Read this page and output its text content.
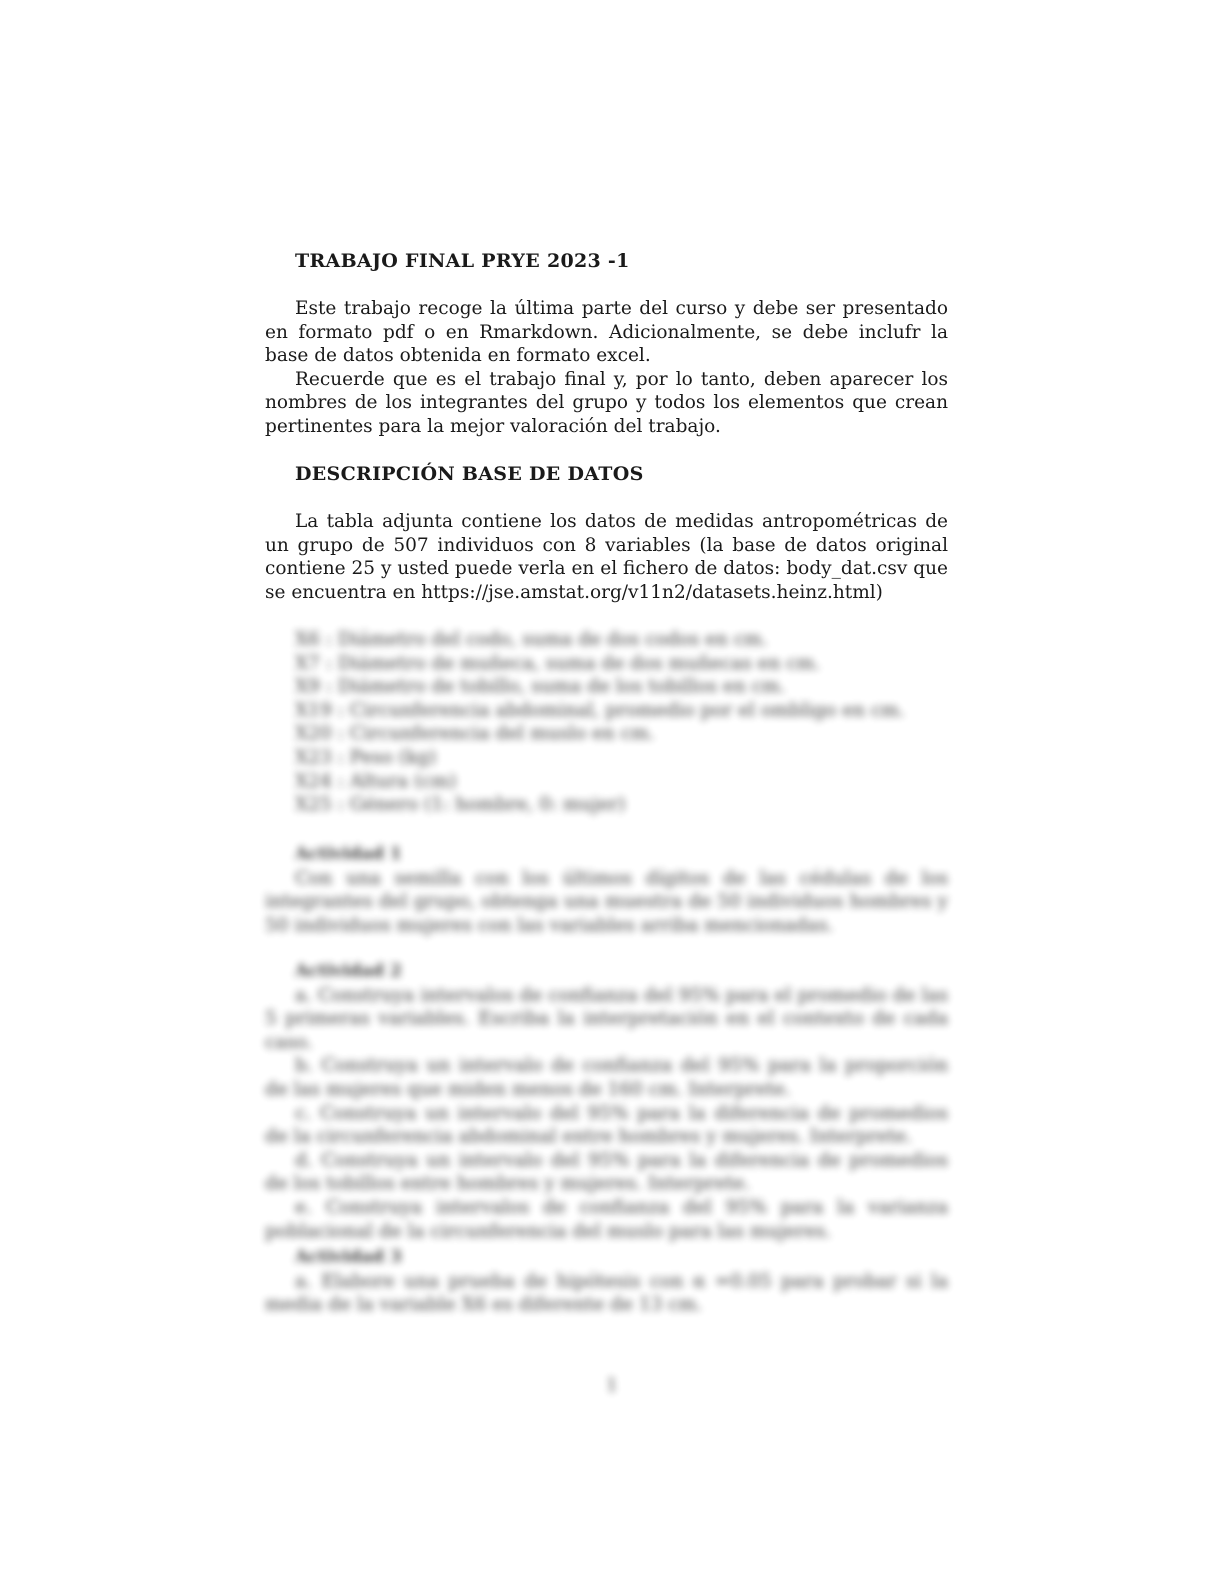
TRABAJO FINAL PRYE 2023 -1

Este trabajo recoge la última parte del curso y debe ser presentado en formato pdf o en Rmarkdown. Adicionalmente, se debe inclufr la base de datos obtenida en formato excel.

Recuerde que es el trabajo final y, por lo tanto, deben aparecer los nombres de los integrantes del grupo y todos los elementos que crean pertinentes para la mejor valoración del trabajo.

DESCRIPCIÓN BASE DE DATOS

La tabla adjunta contiene los datos de medidas antropométricas de un grupo de 507 individuos con 8 variables (la base de datos original contiene 25 y usted puede verla en el fichero de datos: body_dat.csv que se encuentra en https://jse.amstat.org/v11n2/datasets.heinz.html)

X6 : Diámetro del codo, suma de dos codos en cm.
X7 : Diámetro de muñeca, suma de dos muñecas en cm.
X9 : Diámetro de tobillo, suma de los tobillos en cm.
X19 : Circunferencia abdominal, promedio por el ombligo en cm.
X20 : Circunferencia del muslo en cm.
X23 : Peso (kg)
X24 : Altura (cm)
X25 : Género (1: hombre, 0: mujer)
Actividad 1

Con una semilla con los últimos dígitos de las cédulas de los integrantes del grupo, obtenga una muestra de 50 individuos hombres y 50 individuos mujeres con las variables arriba mencionadas.

Actividad 2

a. Construya intervalos de confianza del 95% para el promedio de las 5 primeras variables. Escriba la interpretación en el contexto de cada caso.

b. Construya un intervalo de confianza del 95% para la proporción de las mujeres que miden menos de 160 cm. Interprete.

c. Construya un intervalo del 95% para la diferencia de promedios de la circunferencia abdominal entre hombres y mujeres. Interprete.

d. Construya un intervalo del 95% para la diferencia de promedios de los tobillos entre hombres y mujeres. Interprete.

e. Construya intervalos de confianza del 95% para la varianza poblacional de la circunferencia del muslo para las mujeres.

Actividad 3

a. Elabore una prueba de hipótesis con α =0.05 para probar si la media de la variable X6 es diferente de 13 cm.

1
